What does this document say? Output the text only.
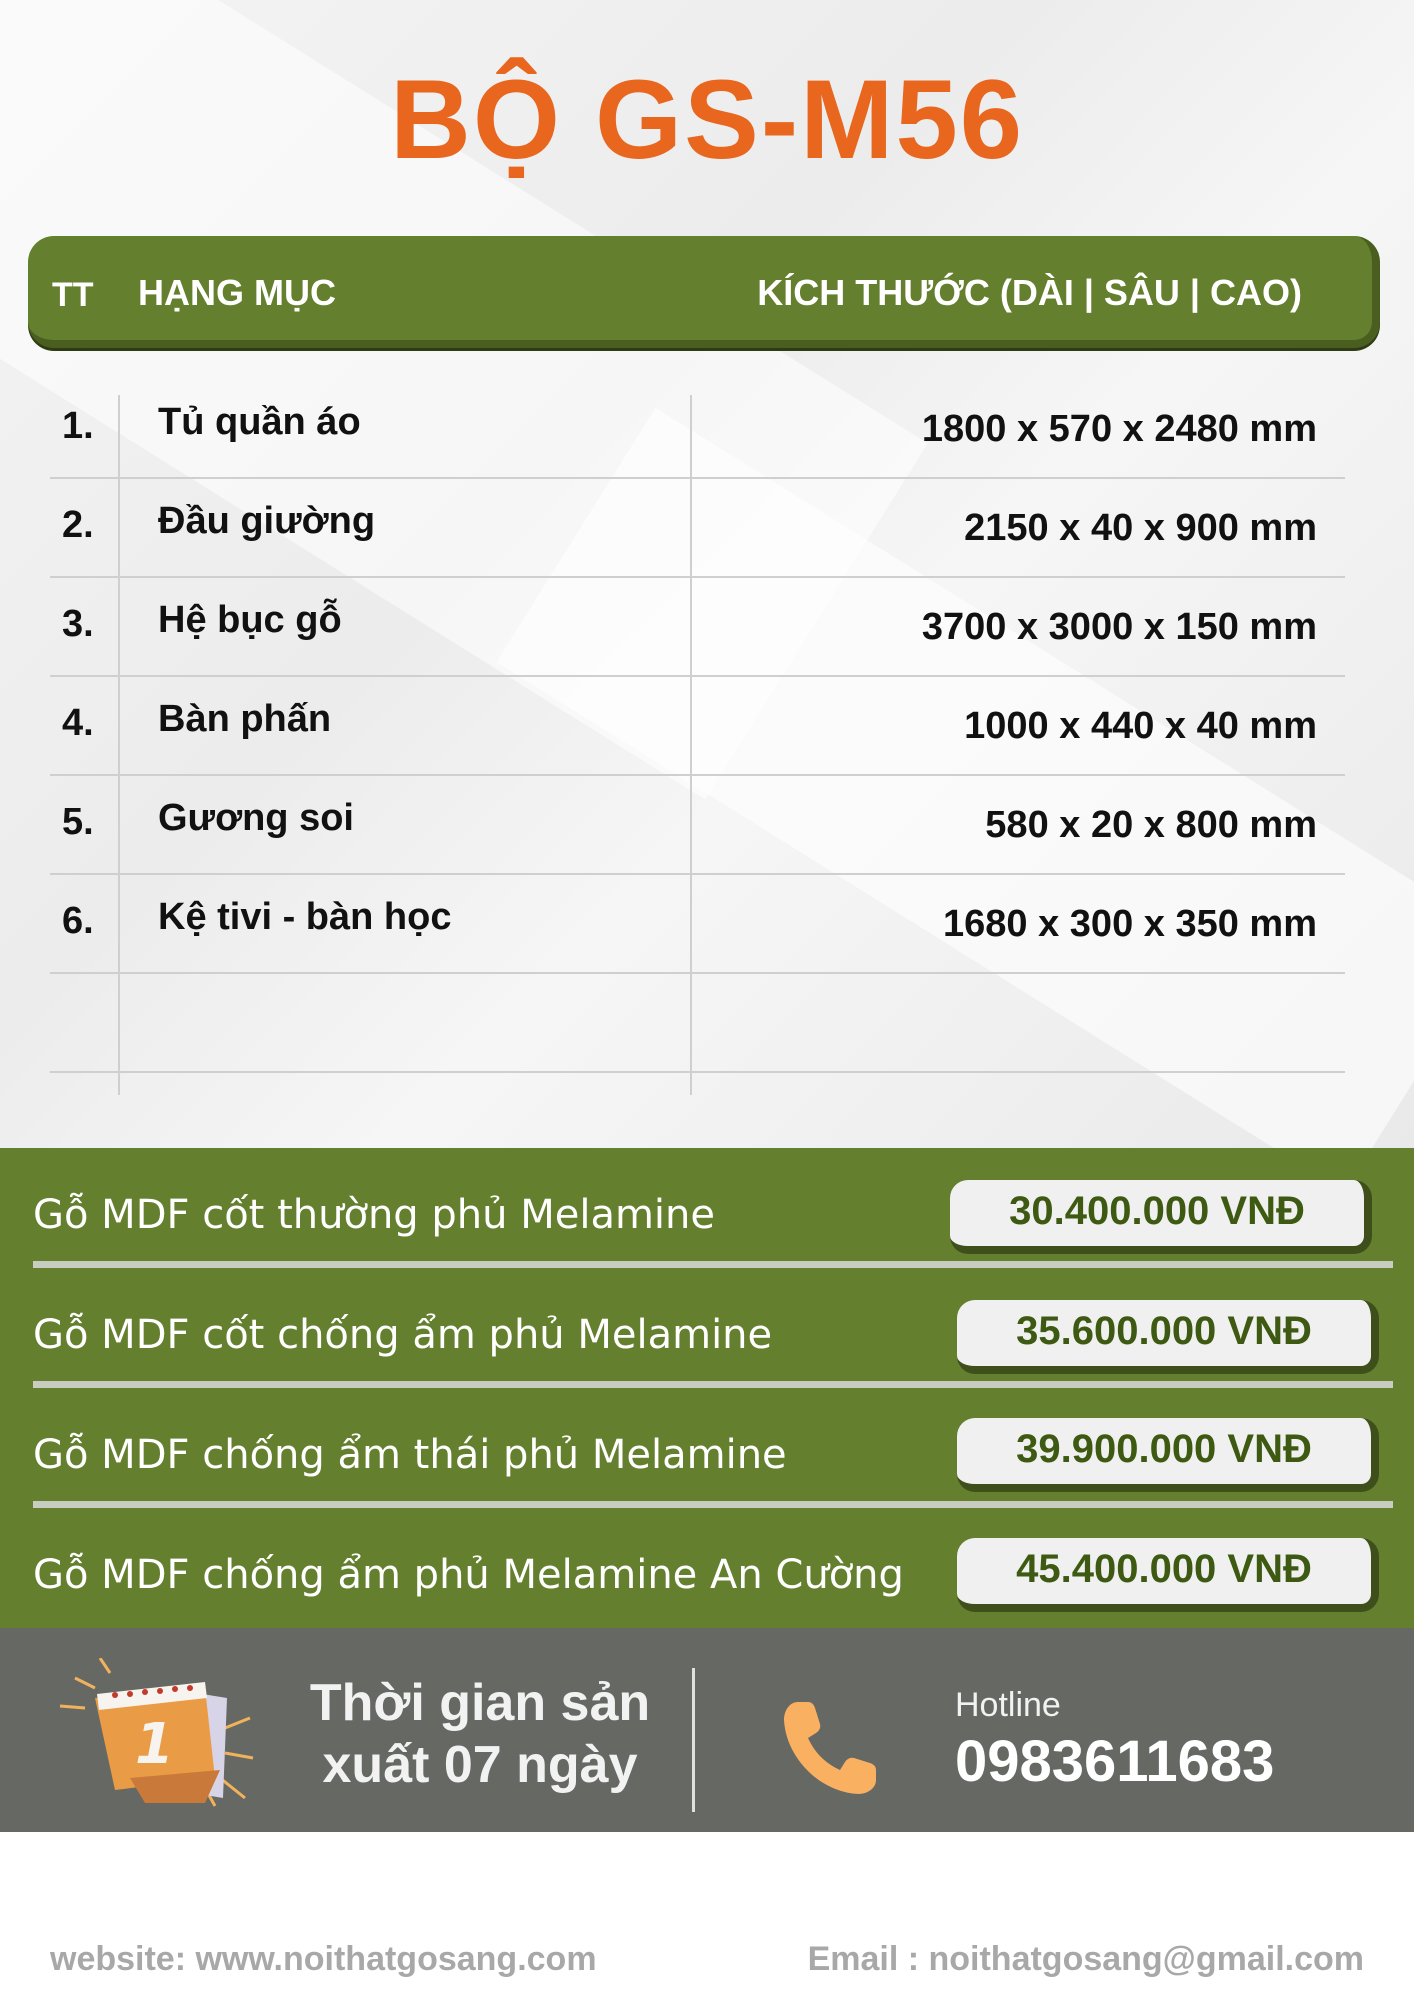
BỘ GS-M56
TT HẠNG MỤC	KÍCH THƯỚC (DÀI | SÂU | CAO)
1. Tủ quần áo	1800 x 570 x 2480 mm
2. Đầu giường	2150 x 40 x 900 mm
3. Hệ bục gỗ	3700 x 3000 x 150 mm
4. Bàn phấn	1000 x 440 x 40 mm
5. Gương soi	580 x 20 x 800 mm
6. Kệ tivi - bàn học	1680 x 300 x 350 mm
Gỗ MDF cốt thường phủ Melamine	30.400.000 VNĐ
Gỗ MDF cốt chống ẩm phủ Melamine	35.600.000 VNĐ
Gỗ MDF chống ẩm thái phủ Melamine	39.900.000 VNĐ
Gỗ MDF chống ẩm phủ Melamine An Cường	45.400.000 VNĐ
1
Thời gian sản
xuất 07 ngày
Hotline
0983611683
website: www.noithatgosang.com	Email : noithatgosang@gmail.com
